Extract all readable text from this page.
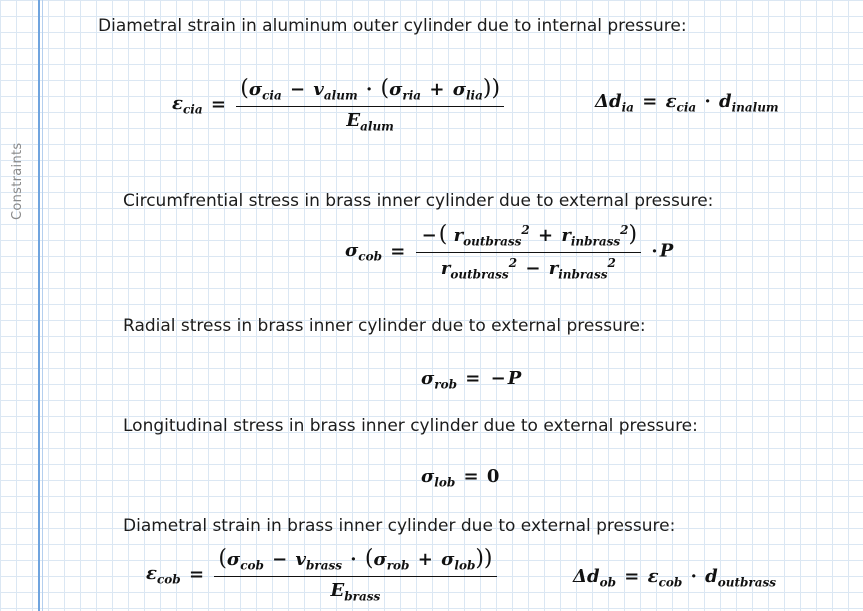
Constraints
Diametral strain in aluminum outer cylinder due to internal pressure:
$\varepsilon_{cia}$ =
$(\sigma_{cia} - v_{alum} \cdot (\sigma_{ria} + \sigma_{lia}))$
$E_{alum}$
$\Delta d_{ia} = \varepsilon_{cia} \cdot d_{inalum}$
Circumfrential stress in brass inner cylinder due to external pressure:
$\sigma_{cob} = \frac{-( r_{outbrass}^2 + r_{inbrass}^2)}{r_{outbrass}^2 - r_{inbrass}^2} \cdot P$
Radial stress in brass inner cylinder due to external pressure:
$\sigma_{rob}$ = − P
Longitudinal stress in brass inner cylinder due to external pressure:
$\sigma_{lob} = 0$
Diametral strain in brass inner cylinder due to external pressure:
$\varepsilon_{cob}$ =
$(\sigma_{cob} - v_{brass} \cdot (\sigma_{rob} + \sigma_{lob}))$
$E_{brass}$
$\Delta d_{ob} = \varepsilon_{cob} \cdot d_{outbrass}$
